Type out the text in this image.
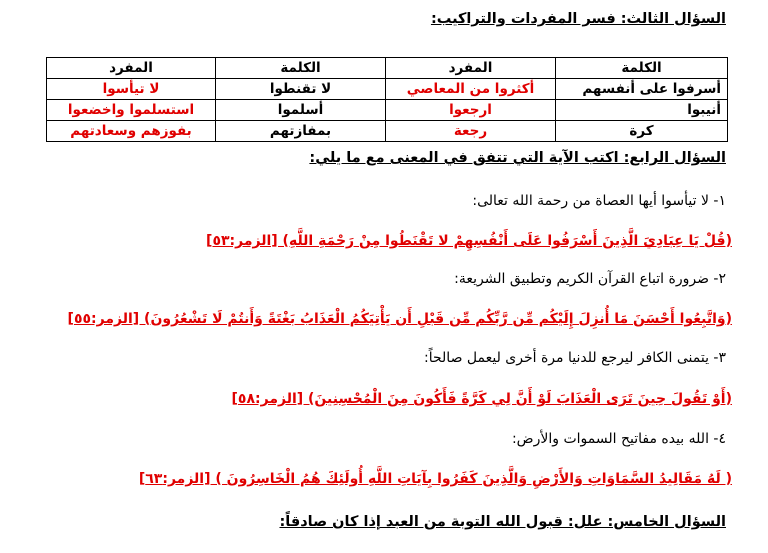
السؤال الثالث: فسر المفردات والتراكيب:
الكلمة	المفرد	الكلمة	المفرد
أسرفوا على أنفسهم	أكثروا من المعاصي	لا تقنطوا	لا تيأسوا
أنيبوا	ارجعوا	أسلموا	استسلموا واخضعوا
كرة	رجعة	بمفازتهم	بفوزهم وسعادتهم
السؤال الرابع: اكتب الآية التي تتفق في المعنى مع ما يلي:
١- لا تيأسوا أيها العصاة من رحمة الله تعالى:
(قُلْ يَا عِبَادِيَ الَّذِينَ أَسْرَفُوا عَلَى أَنْفُسِهِمْ لا تَقْنَطُوا مِنْ رَحْمَةِ اللَّهِ) [الزمر:٥٣]
٢- ضرورة اتباع القرآن الكريم وتطبيق الشريعة:
(وَاتَّبِعُوا أَحْسَنَ مَا أُنزِلَ إِلَيْكُم مِّن رَّبِّكُم مِّن قَبْلِ أَن يَأْتِيَكُمُ الْعَذَابُ بَغْتَةً وَأَنتُمْ لَا تَشْعُرُونَ) [الزمر:٥٥]
٣- يتمنى الكافر ليرجع للدنيا مرة أخرى ليعمل صالحاً:
(أَوْ تَقُولَ حِينَ تَرَى الْعَذَابَ لَوْ أَنَّ لِي كَرَّةً فَأَكُونَ مِنَ الْمُحْسِنِينَ) [الزمر:٥٨]
٤- الله بيده مفاتيح السموات والأرض:
( لَهُ مَقَالِيدُ السَّمَاوَاتِ وَالأَرْضِ وَالَّذِينَ كَفَرُوا بِآيَاتِ اللَّهِ أُولَئِكَ هُمُ الْخَاسِرُونَ ) [الزمر:٦٣]
السؤال الخامس: علل: قبول الله التوبة من العبد إذا كان صادقاً:
